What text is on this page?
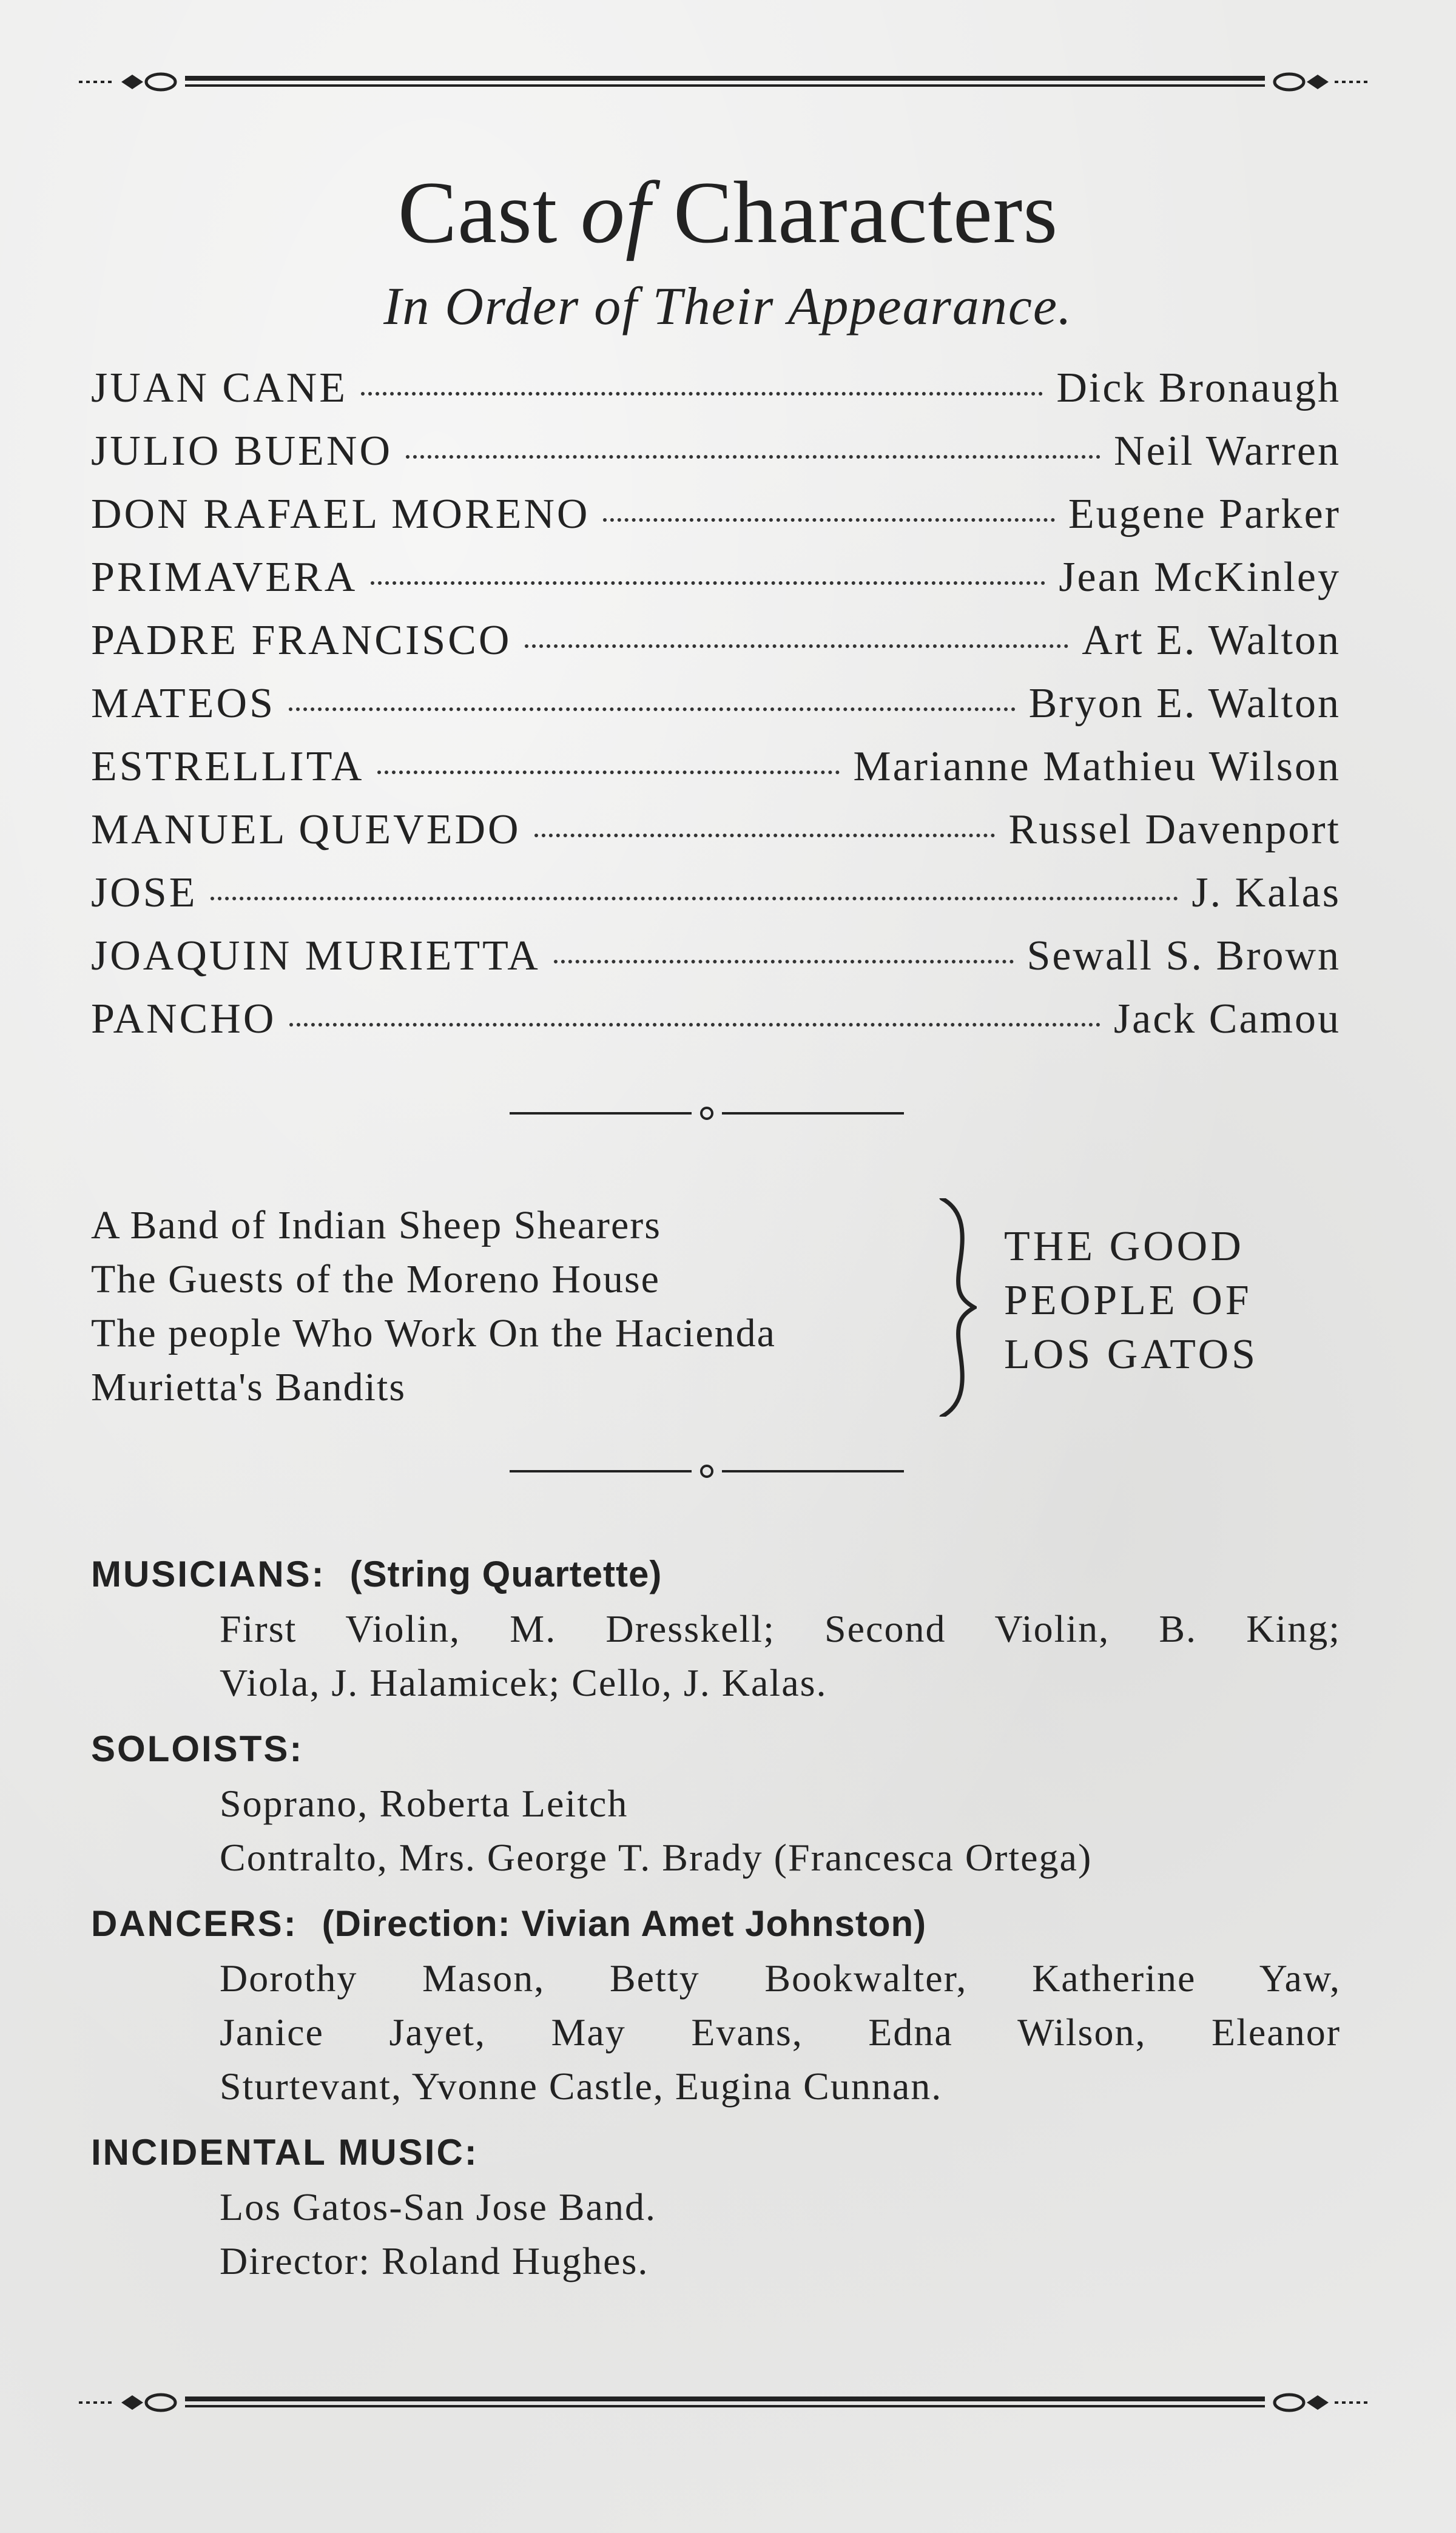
Cast of Characters
In Order of Their Appearance.
JUAN CANE	Dick Bronaugh
JULIO BUENO	Neil Warren
DON RAFAEL MORENO	Eugene Parker
PRIMAVERA	Jean McKinley
PADRE FRANCISCO	Art E. Walton
MATEOS	Bryon E. Walton
ESTRELLITA	Marianne Mathieu Wilson
MANUEL QUEVEDO	Russel Davenport
JOSE	J. Kalas
JOAQUIN MURIETTA	Sewall S. Brown
PANCHO	Jack Camou
A Band of Indian Sheep Shearers
The Guests of the Moreno House
The people Who Work On the Hacienda
Murietta's Bandits
THE GOOD
PEOPLE OF
LOS GATOS
MUSICIANS: (String Quartette)
First Violin, M. Dresskell; Second Violin, B. King;
Viola, J. Halamicek; Cello, J. Kalas.
SOLOISTS:
Soprano, Roberta Leitch
Contralto, Mrs. George T. Brady (Francesca Ortega)
DANCERS: (Direction: Vivian Amet Johnston)
Dorothy Mason, Betty Bookwalter, Katherine Yaw,
Janice Jayet, May Evans, Edna Wilson, Eleanor
Sturtevant, Yvonne Castle, Eugina Cunnan.
INCIDENTAL MUSIC:
Los Gatos-San Jose Band.
Director: Roland Hughes.
